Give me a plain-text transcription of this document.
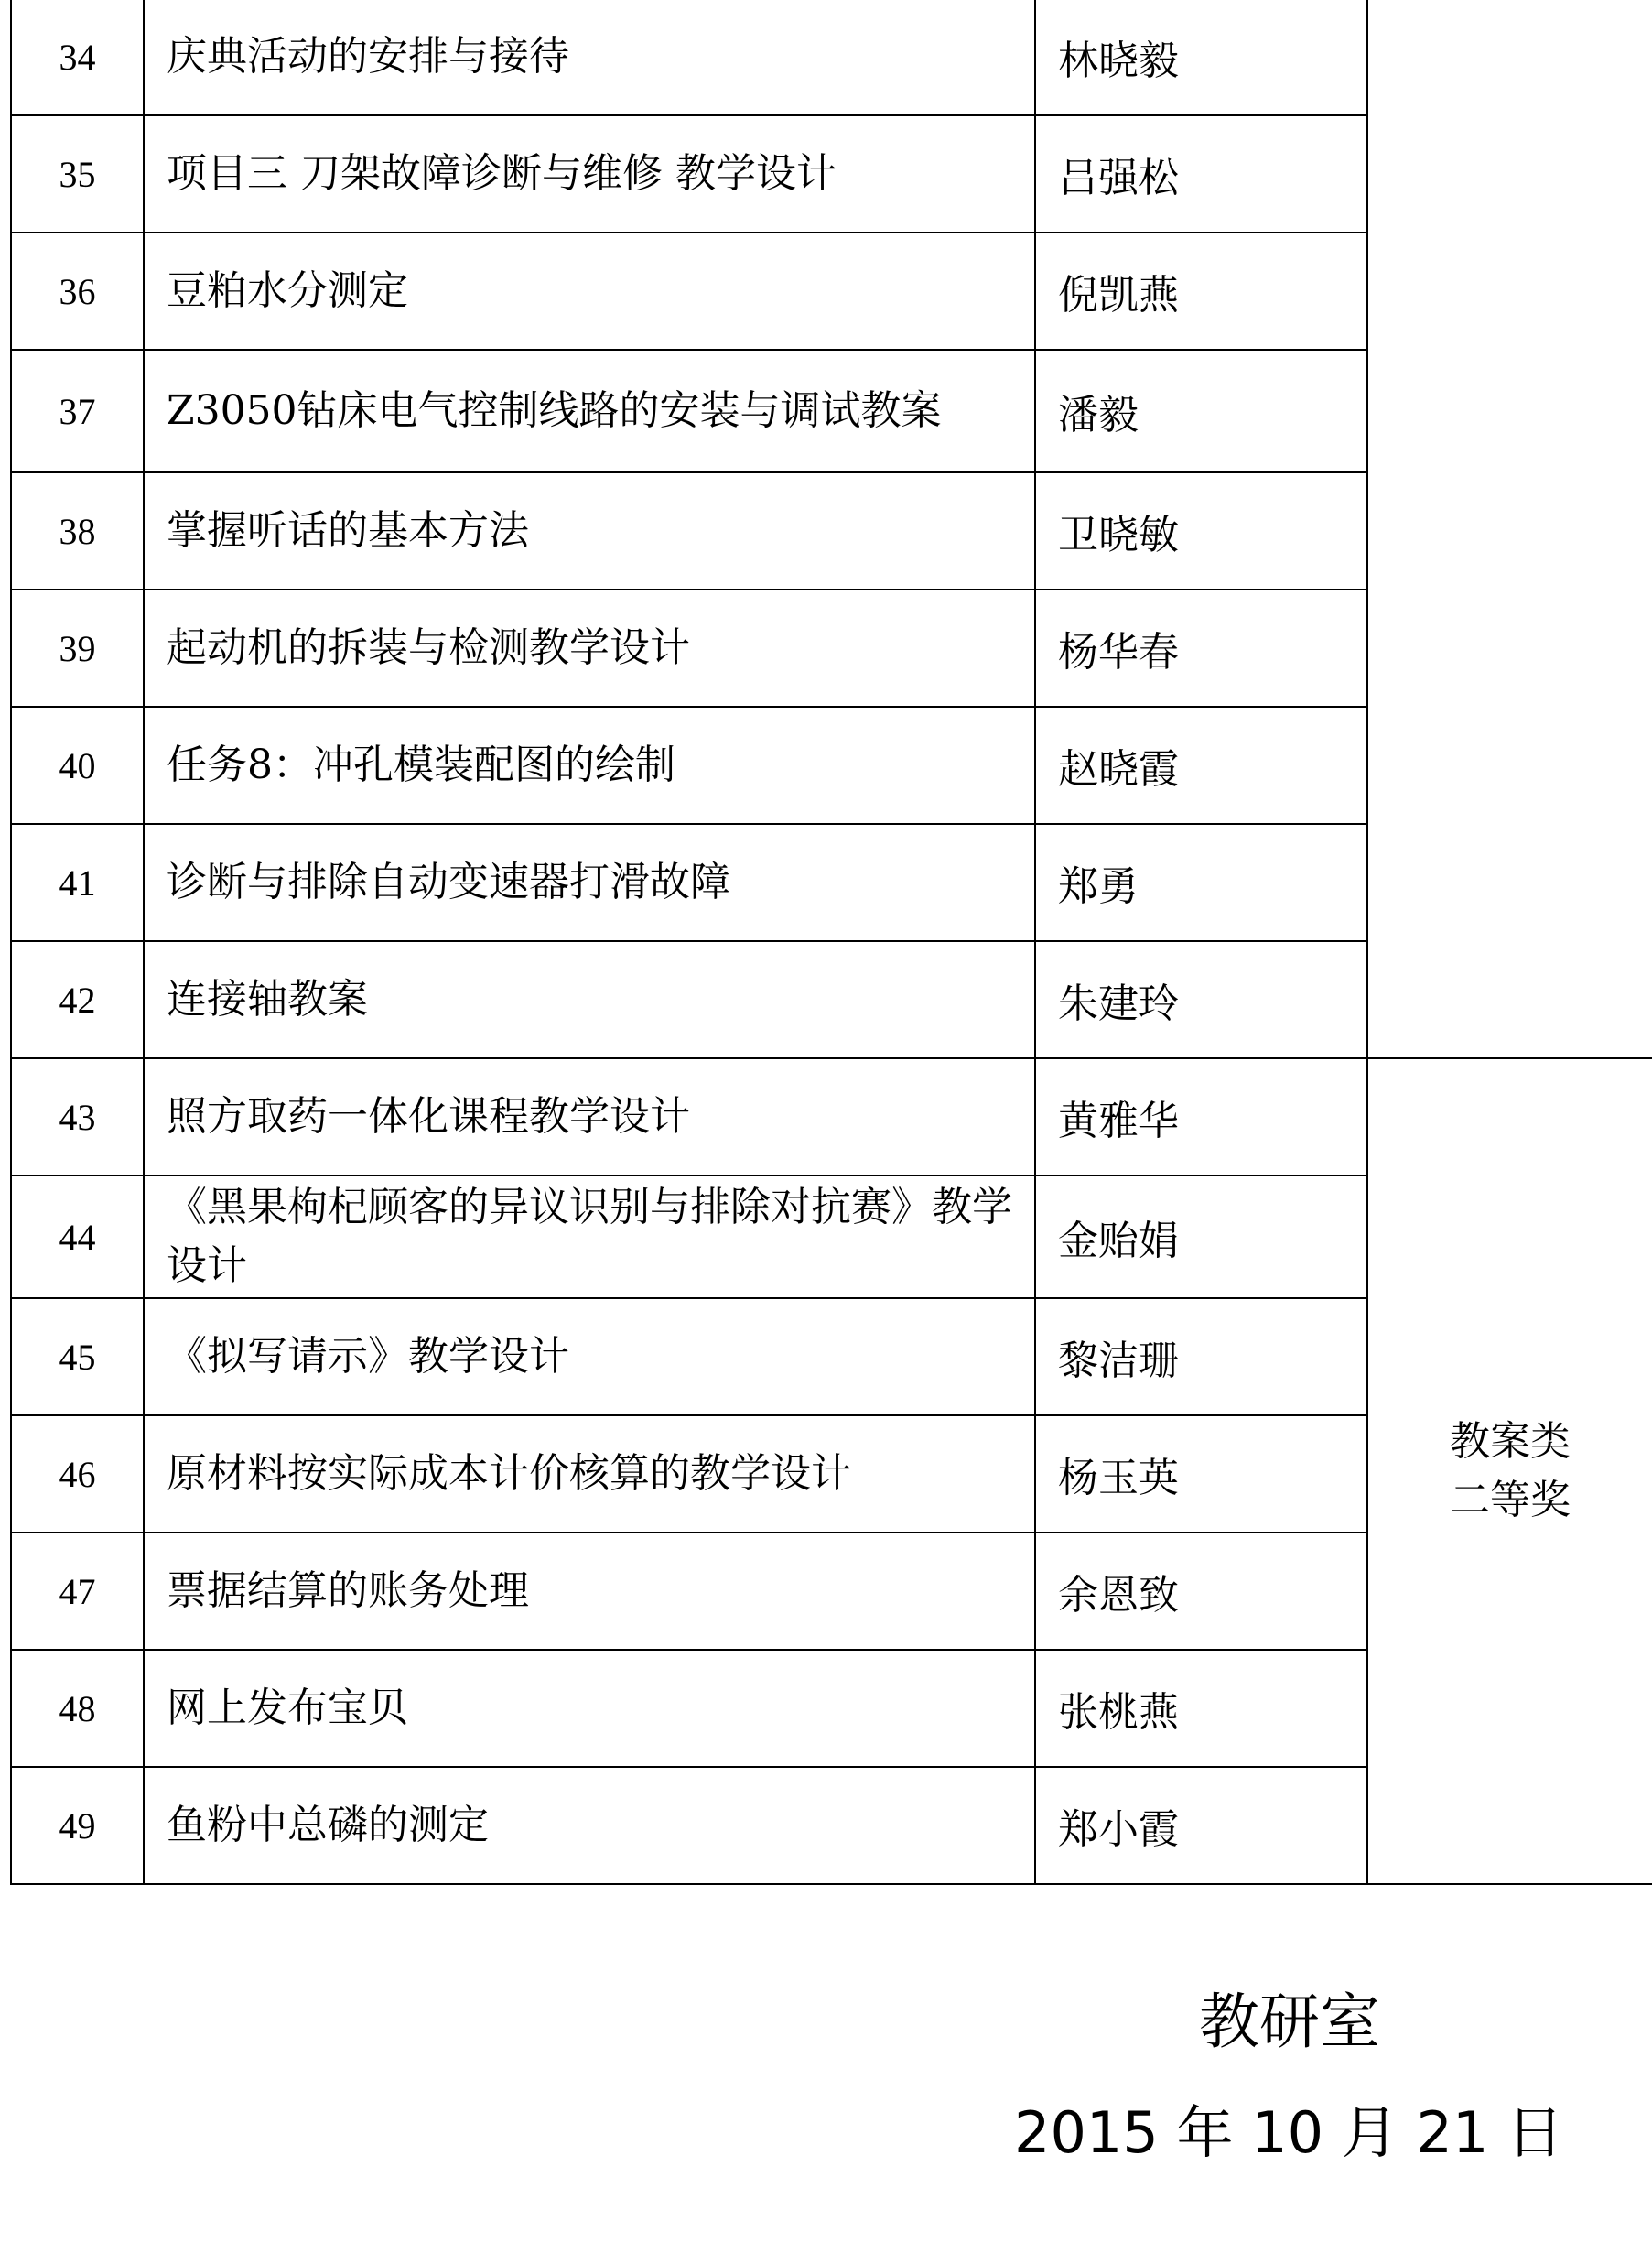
34	庆典活动的安排与接待	林晓毅	

35	项目三 刀架故障诊断与维修 教学设计	吕强松	
36	豆粕水分测定	倪凯燕	
37	Z3050钻床电气控制线路的安装与调试教案	潘毅	
38	掌握听话的基本方法	卫晓敏	
39	起动机的拆装与检测教学设计	杨华春	
40	任务8：冲孔模装配图的绘制	赵晓霞	
41	诊断与排除自动变速器打滑故障	郑勇	
42	连接轴教案	朱建玲	
43	照方取药一体化课程教学设计	黄雅华	教案类
二等奖

44	《黑果枸杞顾客的异议识别与排除对抗赛》教学设计	金贻娟	
45	《拟写请示》教学设计	黎洁珊	
46	原材料按实际成本计价核算的教学设计	杨玉英	
47	票据结算的账务处理	余恩致	
48	网上发布宝贝	张桃燕	
49	鱼粉中总磷的测定	郑小霞	
教研室
2015 年 10 月 21 日
